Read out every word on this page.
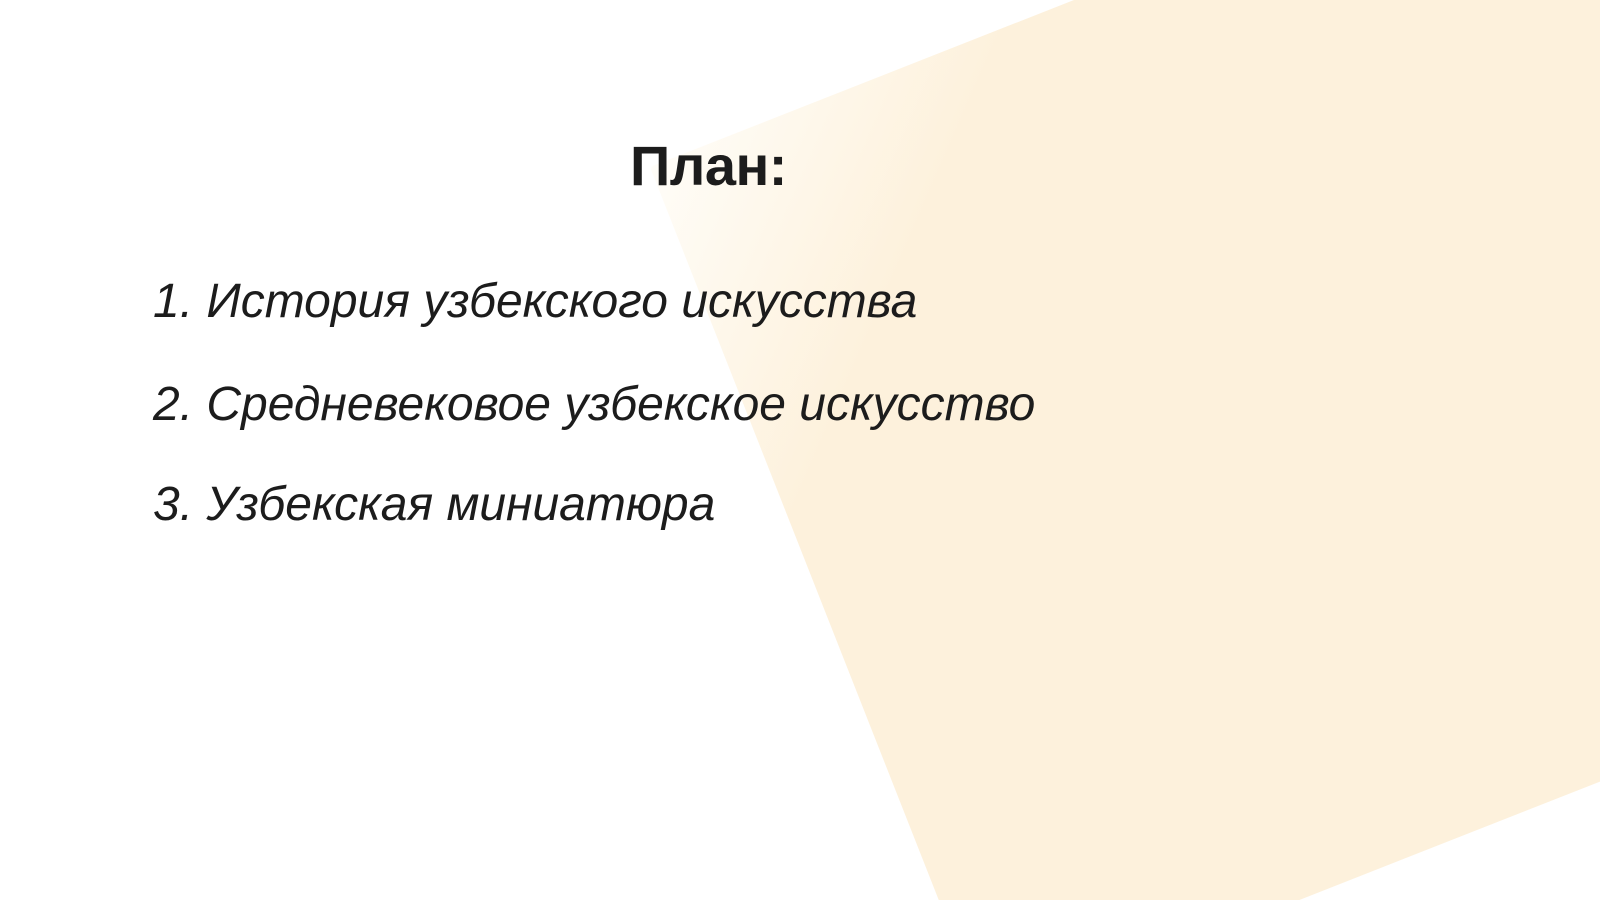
План:
1. История узбекского искусства
2. Средневековое узбекское искусство
3. Узбекская миниатюра
